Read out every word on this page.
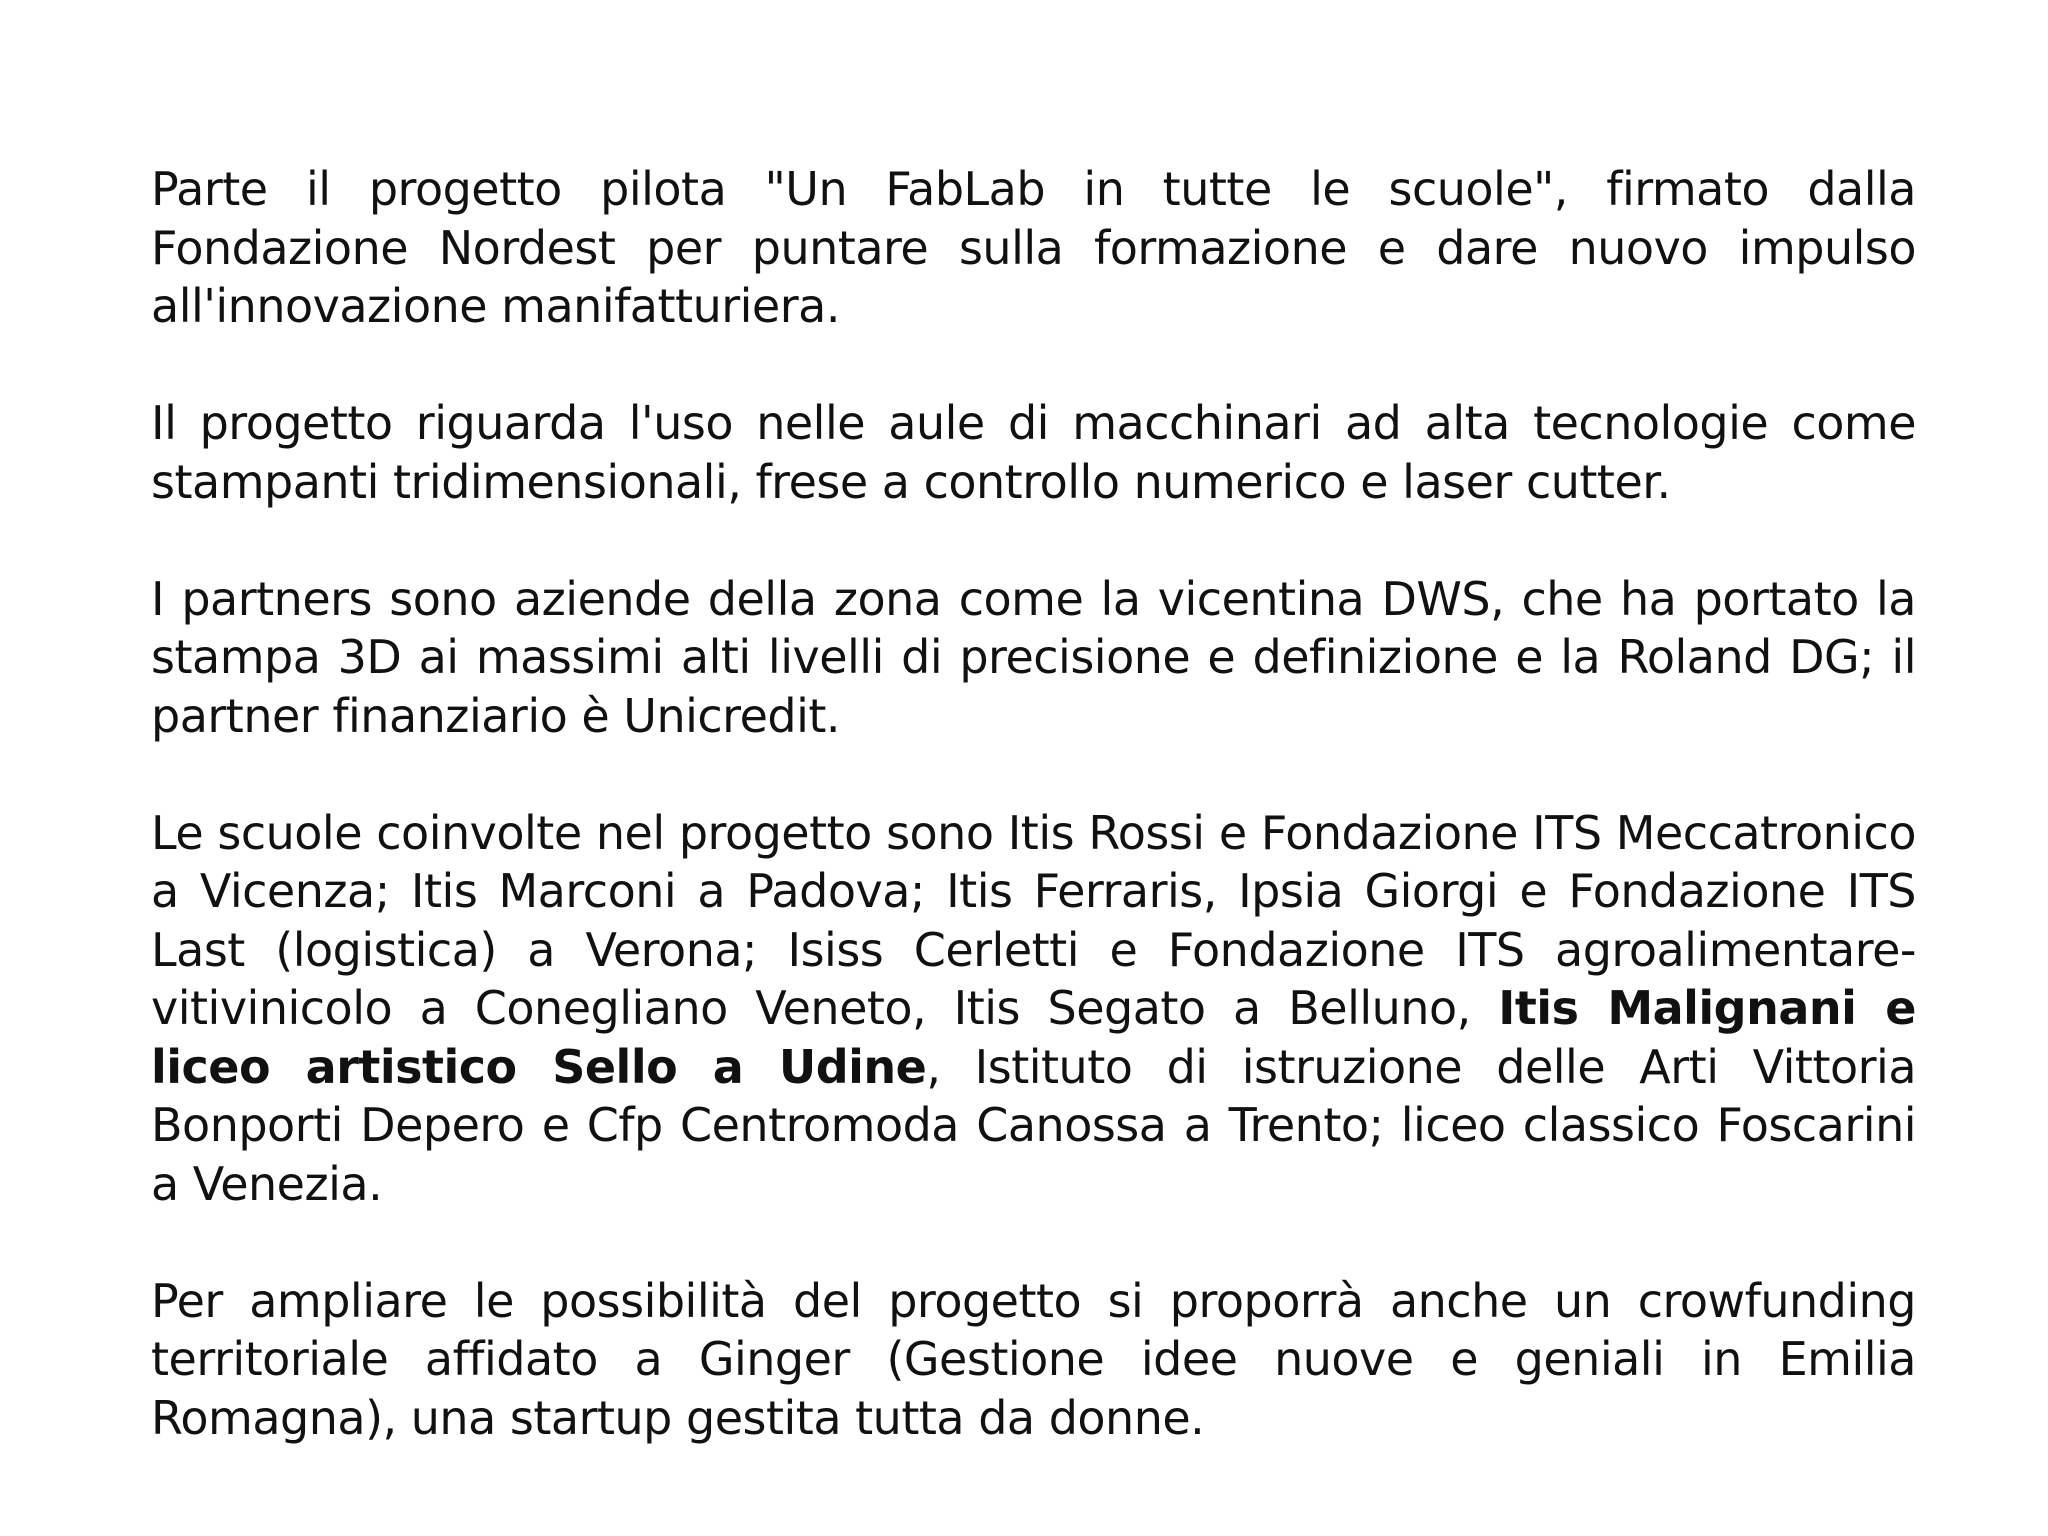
Parte il progetto pilota "Un FabLab in tutte le scuole", firmato dalla Fondazione Nordest per puntare sulla formazione e dare nuovo impulso all'innovazione manifatturiera.

Il progetto riguarda l'uso nelle aule di macchinari ad alta tecnologie come stampanti tridimensionali, frese a controllo numerico e laser cutter.

I partners sono aziende della zona come la vicentina DWS, che ha portato la stampa 3D ai massimi alti livelli di precisione e definizione e la Roland DG; il partner finanziario è Unicredit.

Le scuole coinvolte nel progetto sono Itis Rossi e Fondazione ITS Meccatronico a Vicenza; Itis Marconi a Padova; Itis Ferraris, Ipsia Giorgi e Fondazione ITS Last (logistica) a Verona; Isiss Cerletti e Fondazione ITS agroalimentare-vitivinicolo a Conegliano Veneto, Itis Segato a Belluno, Itis Malignani e liceo artistico Sello a Udine, Istituto di istruzione delle Arti Vittoria Bonporti Depero e Cfp Centromoda Canossa a Trento; liceo classico Foscarini a Venezia.

Per ampliare le possibilità del progetto si proporrà anche un crowfunding territoriale affidato a Ginger (Gestione idee nuove e geniali in Emilia Romagna), una startup gestita tutta da donne.
